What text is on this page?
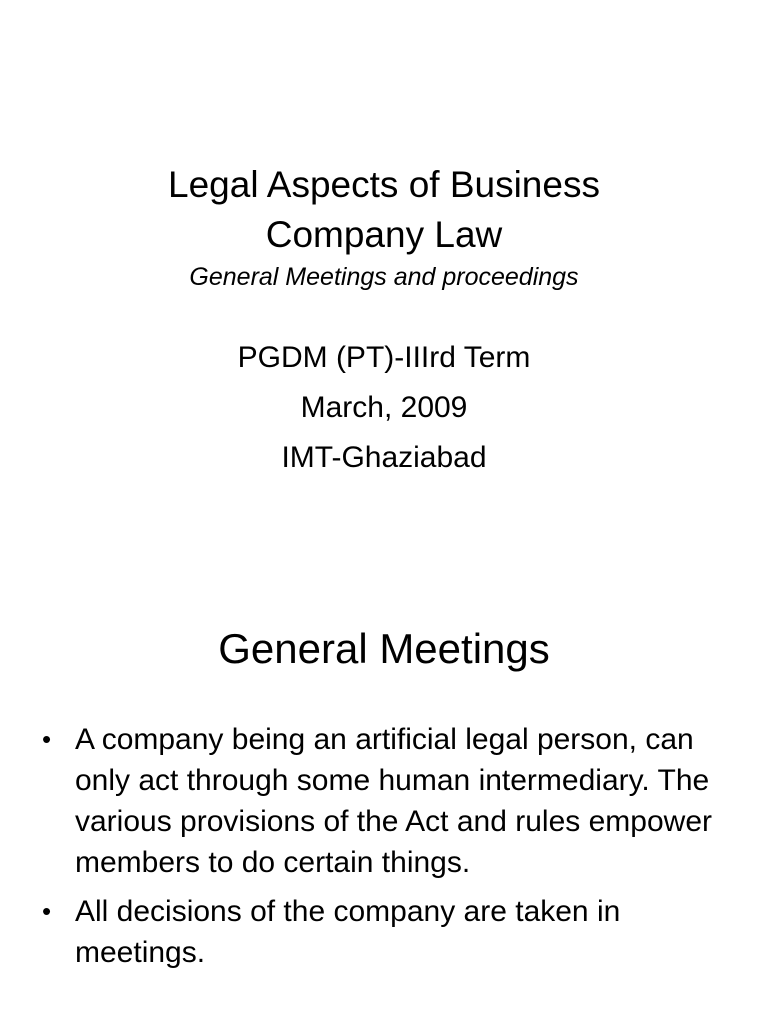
Legal Aspects of Business
Company Law

General Meetings and proceedings

PGDM (PT)-IIIrd Term

March, 2009

IMT-Ghaziabad

General Meetings
• A company being an artificial legal person, can only act through some human intermediary. The various provisions of the Act and rules empower members to do certain things.
• All decisions of the company are taken in meetings.
